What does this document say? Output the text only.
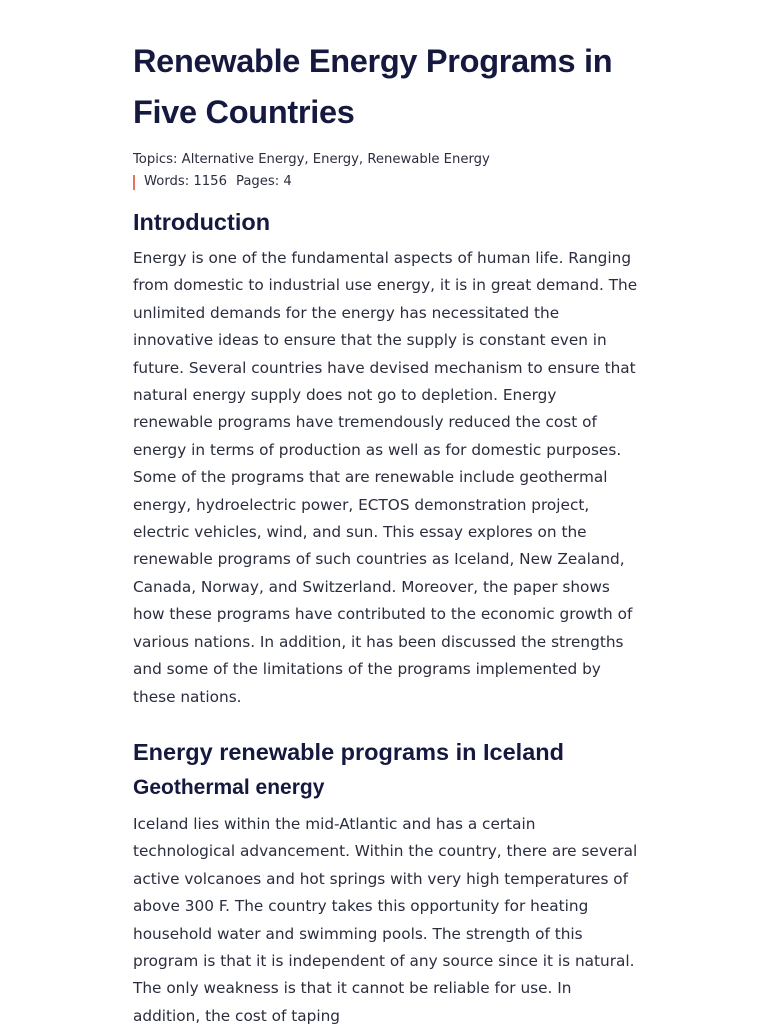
Renewable Energy Programs in Five Countries
Topics: Alternative Energy, Energy, Renewable Energy
Words: 1156 Pages: 4
Introduction

Energy is one of the fundamental aspects of human life. Ranging from domestic to industrial use energy, it is in great demand. The unlimited demands for the energy has necessitated the innovative ideas to ensure that the supply is constant even in future. Several countries have devised mechanism to ensure that natural energy supply does not go to depletion. Energy renewable programs have tremendously reduced the cost of energy in terms of production as well as for domestic purposes. Some of the programs that are renewable include geothermal energy, hydroelectric power, ECTOS demonstration project, electric vehicles, wind, and sun. This essay explores on the renewable programs of such countries as Iceland, New Zealand, Canada, Norway, and Switzerland. Moreover, the paper shows how these programs have contributed to the economic growth of various nations. In addition, it has been discussed the strengths and some of the limitations of the programs implemented by these nations.

Energy renewable programs in Iceland
Geothermal energy

Iceland lies within the mid-Atlantic and has a certain technological advancement. Within the country, there are several active volcanoes and hot springs with very high temperatures of above 300 F. The country takes this opportunity for heating household water and swimming pools. The strength of this program is that it is independent of any source since it is natural. The only weakness is that it cannot be reliable for use. In addition, the cost of taping
